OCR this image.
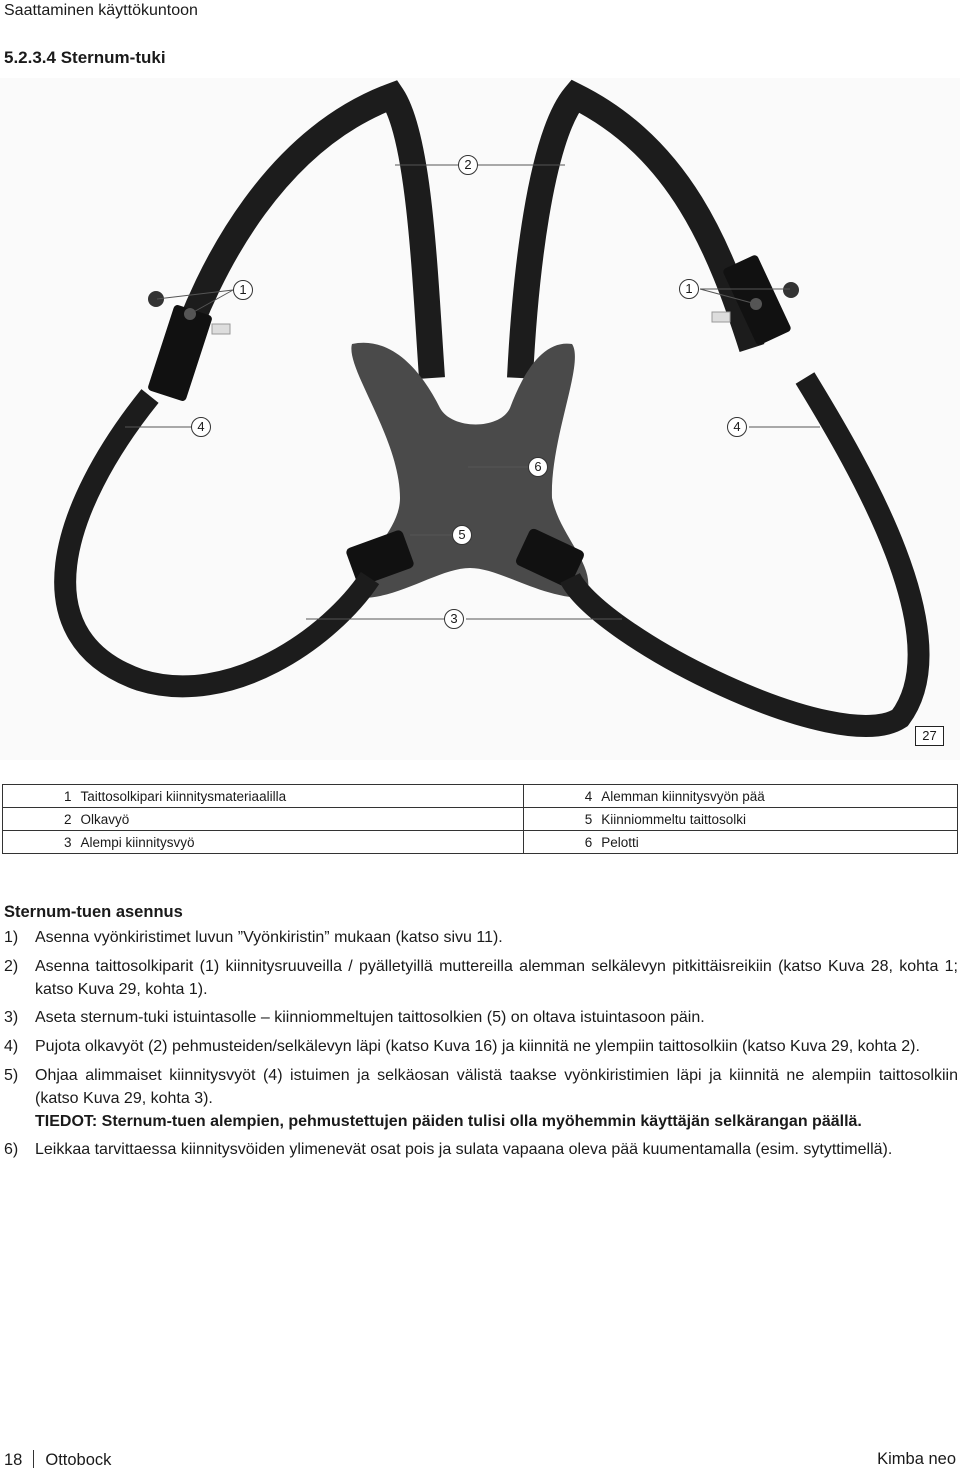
Saattaminen käyttökuntoon
5.2.3.4 Sternum-tuki
2
1	1
4	4
6
5
3
27
1	Taittosolkipari kiinnitysmateriaalilla	4	Alemman kiinnitysvyön pää
2	Olkavyö	5	Kiinniommeltu taittosolki
3	Alempi kiinnitysvyö	6	Pelotti
Sternum-tuen asennus
1) Asenna vyönkiristimet luvun ”Vyönkiristin” mukaan (katso sivu 11).
2) Asenna taittosolkiparit (1) kiinnitysruuveilla / pyälletyillä muttereilla alemman selkälevyn pitkittäisreikiin (katso Kuva 28, kohta 1; katso Kuva 29, kohta 1).
3) Aseta sternum-tuki istuintasolle – kiinniommeltujen taittosolkien (5) on oltava istuintasoon päin.
4) Pujota olkavyöt (2) pehmusteiden/selkälevyn läpi (katso Kuva 16) ja kiinnitä ne ylempiin taittosolkiin (katso Kuva 29, kohta 2).
5) Ohjaa alimmaiset kiinnitysvyöt (4) istuimen ja selkäosan välistä taakse vyönkiristimien läpi ja kiinnitä ne alempiin taittosolkiin (katso Kuva 29, kohta 3).
TIEDOT: Sternum-tuen alempien, pehmustettujen päiden tulisi olla myöhemmin käyttäjän selkärangan päällä.
6) Leikkaa tarvittaessa kiinnitysvöiden ylimenevät osat pois ja sulata vapaana oleva pää kuumentamalla (esim. sytyttimellä).
18 Ottobock	Kimba neo
